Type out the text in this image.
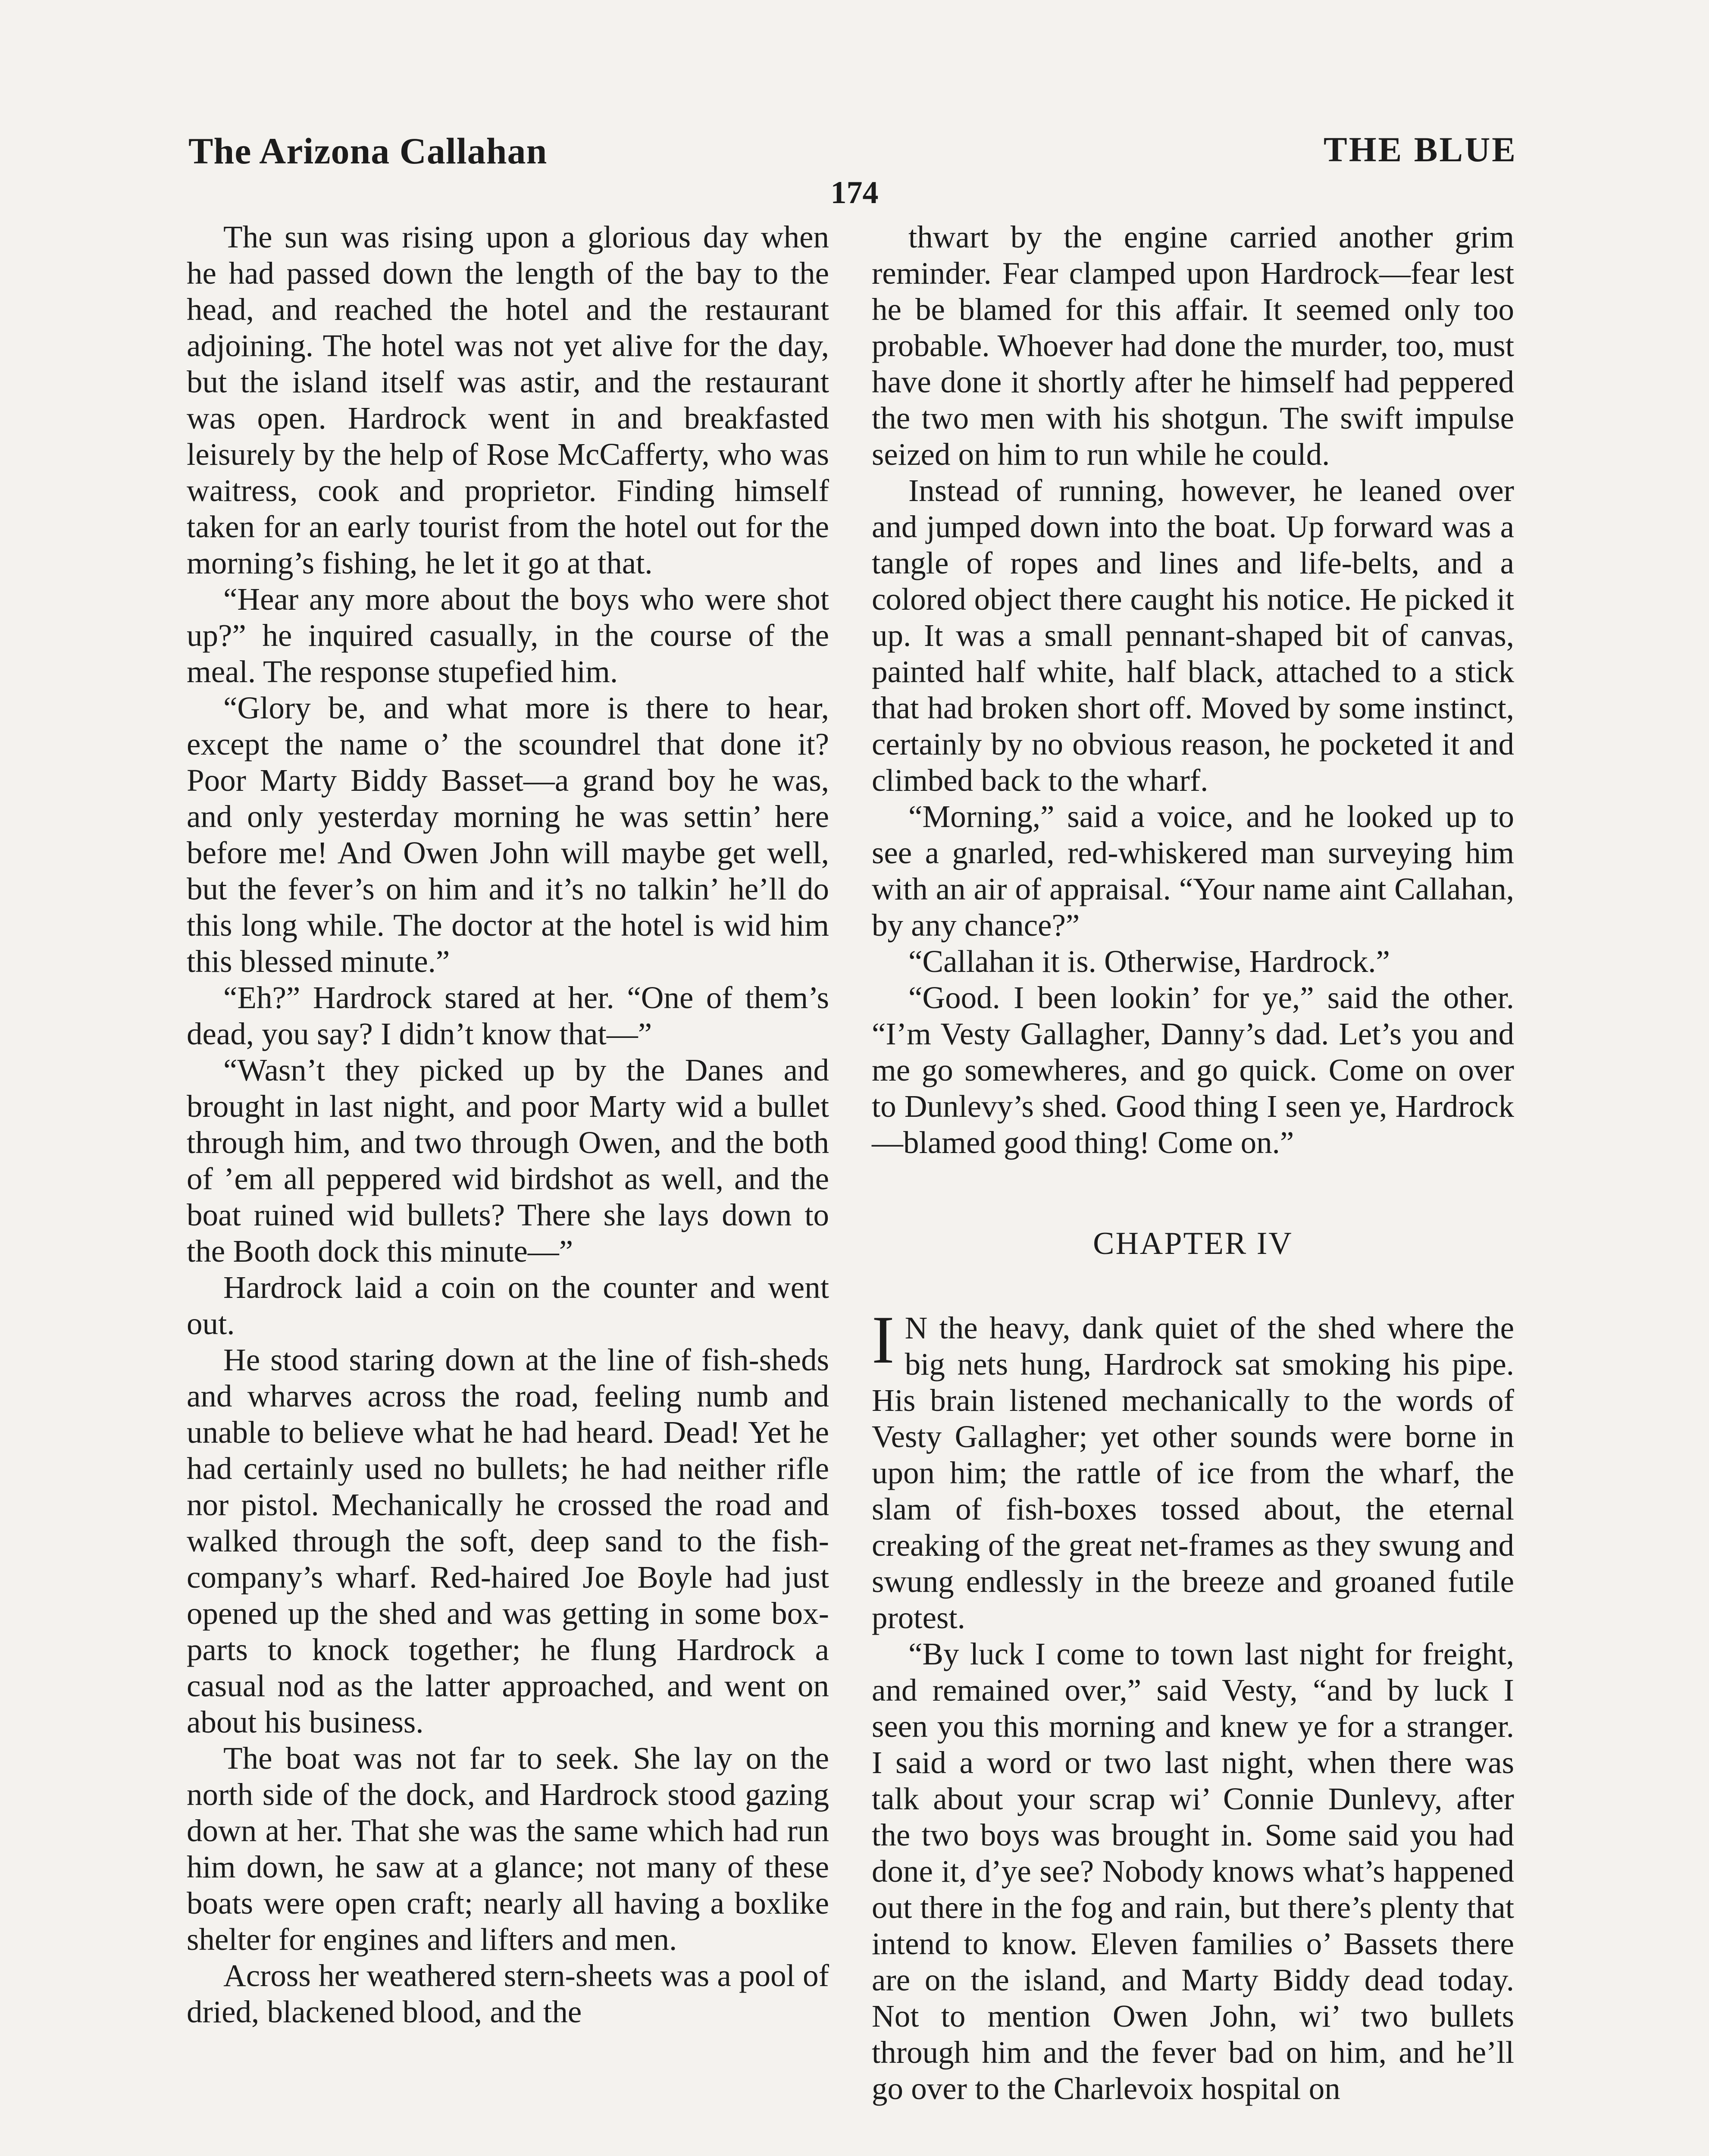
The Arizona Callahan	THE BLUE
174

The sun was rising upon a glorious day when he had passed down the length of the bay to the head, and reached the hotel and the restaurant adjoining. The hotel was not yet alive for the day, but the island itself was astir, and the restaurant was open. Hardrock went in and breakfasted leisurely by the help of Rose McCafferty, who was waitress, cook and proprietor. Finding himself taken for an early tourist from the hotel out for the morning’s fishing, he let it go at that.

“Hear any more about the boys who were shot up?” he inquired casually, in the course of the meal. The response stupefied him.

“Glory be, and what more is there to hear, except the name o’ the scoundrel that done it? Poor Marty Biddy Basset—a grand boy he was, and only yesterday morning he was settin’ here before me! And Owen John will maybe get well, but the fever’s on him and it’s no talkin’ he’ll do this long while. The doctor at the hotel is wid him this blessed minute.”

“Eh?” Hardrock stared at her. “One of them’s dead, you say? I didn’t know that—”

“Wasn’t they picked up by the Danes and brought in last night, and poor Marty wid a bullet through him, and two through Owen, and the both of ’em all peppered wid birdshot as well, and the boat ruined wid bullets? There she lays down to the Booth dock this minute—”

Hardrock laid a coin on the counter and went out.

He stood staring down at the line of fish-sheds and wharves across the road, feeling numb and unable to believe what he had heard. Dead! Yet he had certainly used no bullets; he had neither rifle nor pistol. Mechanically he crossed the road and walked through the soft, deep sand to the fish-company’s wharf. Red-haired Joe Boyle had just opened up the shed and was getting in some box-parts to knock together; he flung Hardrock a casual nod as the latter approached, and went on about his business.

The boat was not far to seek. She lay on the north side of the dock, and Hardrock stood gazing down at her. That she was the same which had run him down, he saw at a glance; not many of these boats were open craft; nearly all having a boxlike shelter for engines and lifters and men.

Across her weathered stern-sheets was a pool of dried, blackened blood, and the

thwart by the engine carried another grim reminder. Fear clamped upon Hardrock—fear lest he be blamed for this affair. It seemed only too probable. Whoever had done the murder, too, must have done it shortly after he himself had peppered the two men with his shotgun. The swift impulse seized on him to run while he could.

Instead of running, however, he leaned over and jumped down into the boat. Up forward was a tangle of ropes and lines and life-belts, and a colored object there caught his notice. He picked it up. It was a small pennant-shaped bit of canvas, painted half white, half black, attached to a stick that had broken short off. Moved by some instinct, certainly by no obvious reason, he pocketed it and climbed back to the wharf.

“Morning,” said a voice, and he looked up to see a gnarled, red-whiskered man surveying him with an air of appraisal. “Your name aint Callahan, by any chance?”

“Callahan it is. Otherwise, Hardrock.”

“Good. I been lookin’ for ye,” said the other. “I’m Vesty Gallagher, Danny’s dad. Let’s you and me go somewheres, and go quick. Come on over to Dunlevy’s shed. Good thing I seen ye, Hardrock—blamed good thing! Come on.”

CHAPTER IV

I N the heavy, dank quiet of the shed where the big nets hung, Hardrock sat smoking his pipe. His brain listened mechanically to the words of Vesty Gallagher; yet other sounds were borne in upon him; the rattle of ice from the wharf, the slam of fish-boxes tossed about, the eternal creaking of the great net-frames as they swung and swung endlessly in the breeze and groaned futile protest.

“By luck I come to town last night for freight, and remained over,” said Vesty, “and by luck I seen you this morning and knew ye for a stranger. I said a word or two last night, when there was talk about your scrap wi’ Connie Dunlevy, after the two boys was brought in. Some said you had done it, d’ye see? Nobody knows what’s happened out there in the fog and rain, but there’s plenty that intend to know. Eleven families o’ Bassets there are on the island, and Marty Biddy dead today. Not to mention Owen John, wi’ two bullets through him and the fever bad on him, and he’ll go over to the Charlevoix hospital on
